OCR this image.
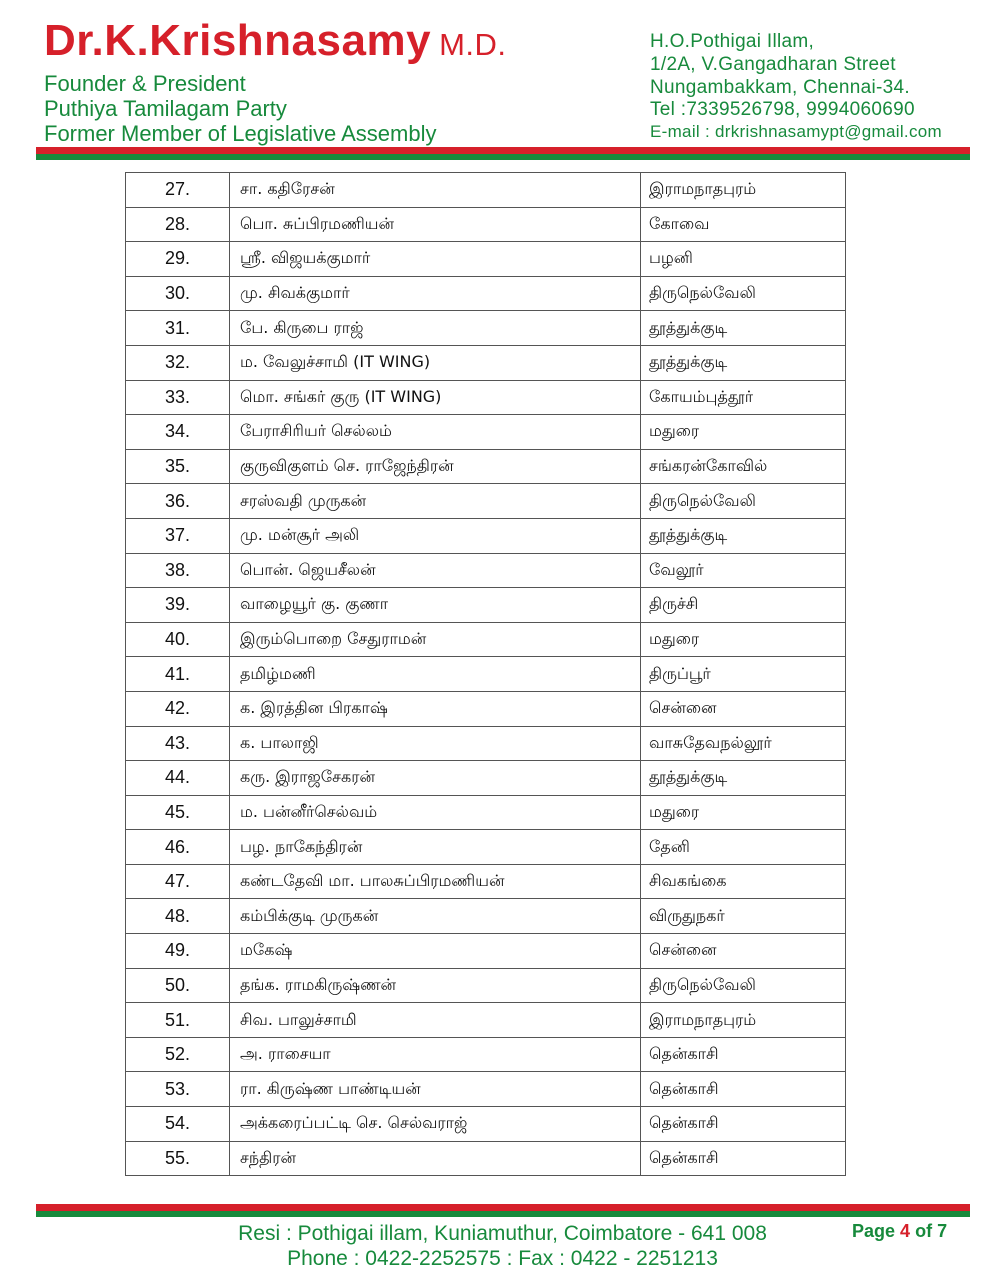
Dr.K.Krishnasamy M.D.
Founder & President
Puthiya Tamilagam Party
Former Member of Legislative Assembly
H.O.Pothigai Illam,
1/2A, V.Gangadharan Street
Nungambakkam, Chennai-34.
Tel :7339526798, 9994060690
E-mail : drkrishnasamypt@gmail.com
27.	சா. கதிரேசன்	இராமநாதபுரம்
28.	பொ. சுப்பிரமணியன்	கோவை
29.	ஸ்ரீ. விஜயக்குமார்	பழனி
30.	மு. சிவக்குமார்	திருநெல்வேலி
31.	பே. கிருபை ராஜ்	தூத்துக்குடி
32.	ம. வேலுச்சாமி (IT WING)	தூத்துக்குடி
33.	மொ. சங்கர் குரு (IT WING)	கோயம்புத்தூர்
34.	பேராசிரியர் செல்லம்	மதுரை
35.	குருவிகுளம் செ. ராஜேந்திரன்	சங்கரன்கோவில்
36.	சரஸ்வதி முருகன்	திருநெல்வேலி
37.	மு. மன்சூர் அலி	தூத்துக்குடி
38.	பொன். ஜெயசீலன்	வேலூர்
39.	வாழையூர் கு. குணா	திருச்சி
40.	இரும்பொறை சேதுராமன்	மதுரை
41.	தமிழ்மணி	திருப்பூர்
42.	க. இரத்தின பிரகாஷ்	சென்னை
43.	க. பாலாஜி	வாசுதேவநல்லூர்
44.	கரு. இராஜசேகரன்	தூத்துக்குடி
45.	ம. பன்னீர்செல்வம்	மதுரை
46.	பழ. நாகேந்திரன்	தேனி
47.	கண்டதேவி மா. பாலசுப்பிரமணியன்	சிவகங்கை
48.	கம்பிக்குடி முருகன்	விருதுநகர்
49.	மகேஷ்	சென்னை
50.	தங்க. ராமகிருஷ்ணன்	திருநெல்வேலி
51.	சிவ. பாலுச்சாமி	இராமநாதபுரம்
52.	அ. ராசையா	தென்காசி
53.	ரா. கிருஷ்ண பாண்டியன்	தென்காசி
54.	அக்கரைப்பட்டி செ. செல்வராஜ்	தென்காசி
55.	சந்திரன்	தென்காசி
Resi : Pothigai illam, Kuniamuthur, Coimbatore - 641 008
Phone : 0422-2252575 : Fax : 0422 - 2251213
Page 4 of 7
